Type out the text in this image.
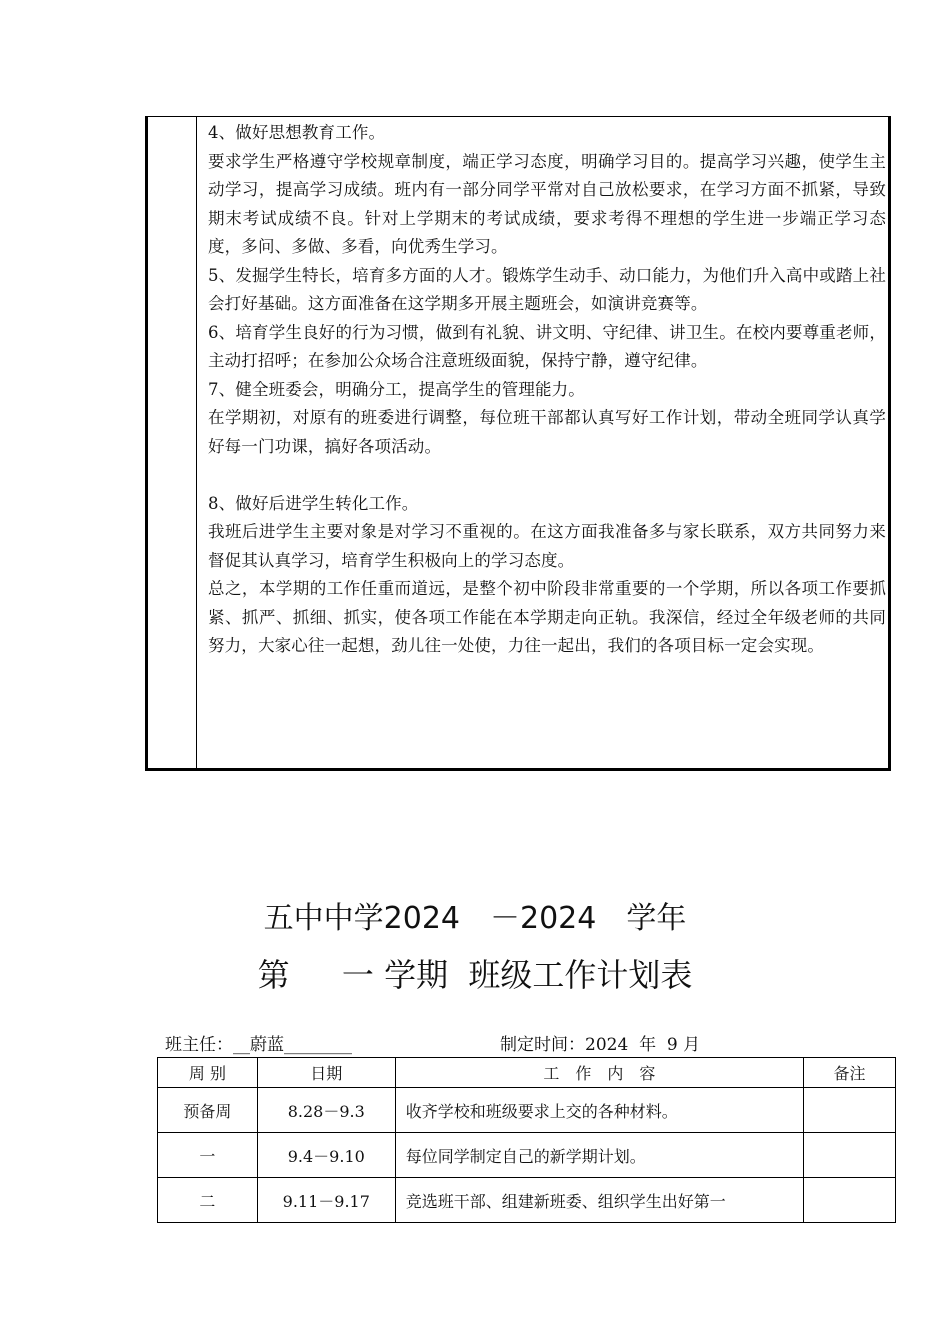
4、做好思想教育工作。

要求学生严格遵守学校规章制度，端正学习态度，明确学习目的。提高学习兴趣，使学生主动学习，提高学习成绩。班内有一部分同学平常对自己放松要求，在学习方面不抓紧，导致期末考试成绩不良。针对上学期末的考试成绩，要求考得不理想的学生进一步端正学习态度，多问、多做、多看，向优秀生学习。

5、发掘学生特长，培育多方面的人才。锻炼学生动手、动口能力，为他们升入高中或踏上社会打好基础。这方面准备在这学期多开展主题班会，如演讲竞赛等。

6、培育学生良好的行为习惯，做到有礼貌、讲文明、守纪律、讲卫生。在校内要尊重老师，主动打招呼；在参加公众场合注意班级面貌，保持宁静，遵守纪律。

7、健全班委会，明确分工，提高学生的管理能力。

在学期初，对原有的班委进行调整，每位班干部都认真写好工作计划，带动全班同学认真学好每一门功课，搞好各项活动。

8、做好后进学生转化工作。

我班后进学生主要对象是对学习不重视的。在这方面我准备多与家长联系，双方共同努力来督促其认真学习，培育学生积极向上的学习态度。

总之，本学期的工作任重而道远，是整个初中阶段非常重要的一个学期，所以各项工作要抓紧、抓严、抓细、抓实，使各项工作能在本学期走向正轨。我深信，经过全年级老师的共同努力，大家心往一起想，劲儿往一处使，力往一起出，我们的各项目标一定会实现。

五中中学2024　－2024　学年
第　  一 学期  班级工作计划表
班主任：__蔚蓝________	制定时间：2024  年  9 月
周 别	日期	工　作　内　容	备注
预备周	8.28－9.3	收齐学校和班级要求上交的各种材料。	
一	9.4－9.10	每位同学制定自己的新学期计划。	
二	9.11－9.17	竞选班干部、组建新班委、组织学生出好第一	
